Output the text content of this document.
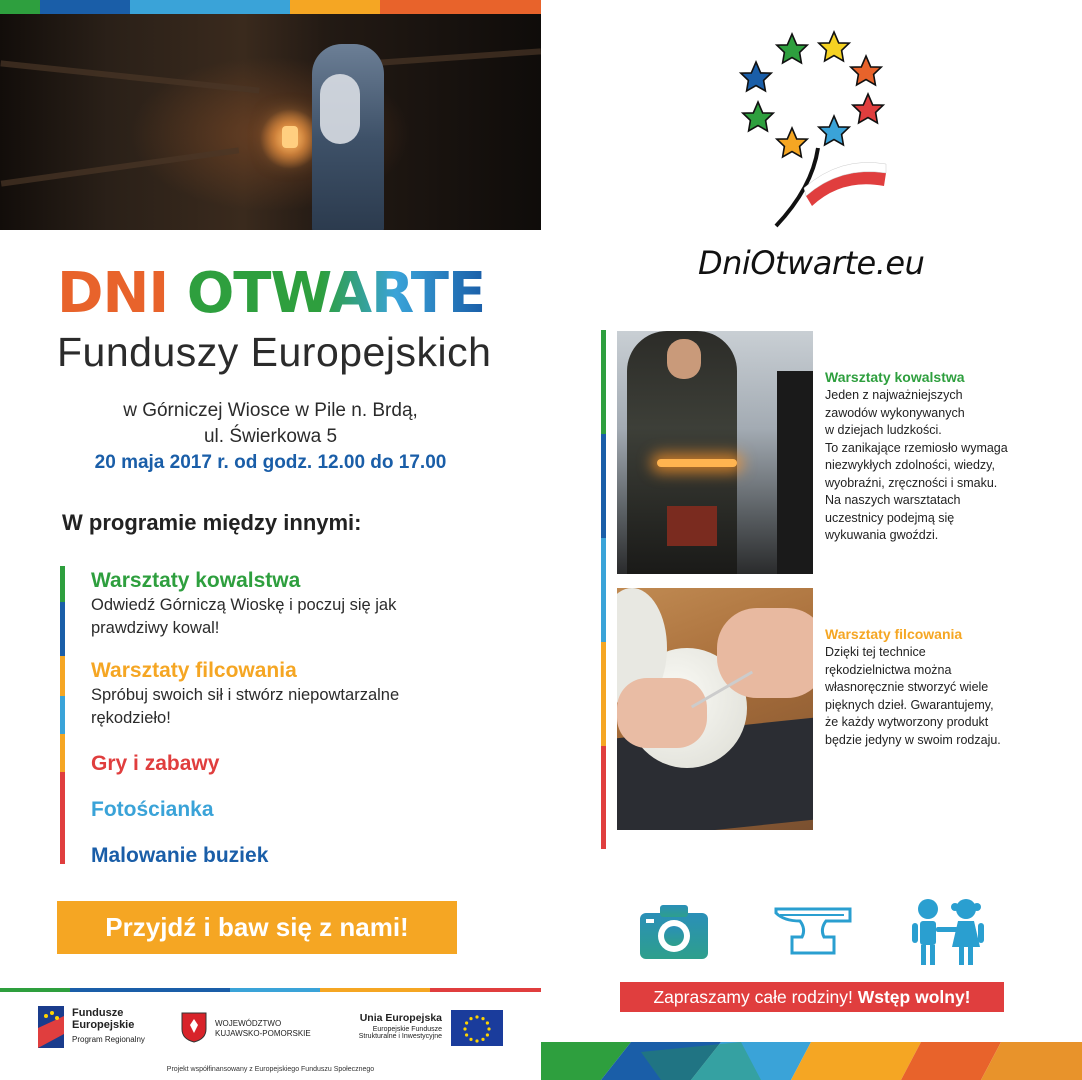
DNI OTWARTE
Funduszy Europejskich
w Górniczej Wiosce w Pile n. Brdą,
ul. Świerkowa 5
20 maja 2017 r. od godz. 12.00 do 17.00
W programie między innymi:
Warsztaty kowalstwa
Odwiedź Górniczą Wioskę i poczuj się jak prawdziwy kowal!
Warsztaty filcowania
Spróbuj swoich sił i stwórz niepowtarzalne rękodzieło!
Gry i zabawy
Fotościanka
Malowanie buziek
Przyjdź i baw się z nami!
Fundusze
Europejskie
Program Regionalny
WOJEWÓDZTWO
KUJAWSKO-POMORSKIE
Unia Europejska
Europejskie Fundusze
Strukturalne i Inwestycyjne
Projekt współfinansowany z Europejskiego Funduszu Społecznego
DniOtwarte.eu
Warsztaty kowalstwa
Jeden z najważniejszych
zawodów wykonywanych
w dziejach ludzkości.
To zanikające rzemiosło wymaga
niezwykłych zdolności, wiedzy,
wyobraźni, zręczności i smaku.
Na naszych warsztatach
uczestnicy podejmą się
wykuwania gwoździ.
Warsztaty filcowania
Dzięki tej technice
rękodzielnictwa można
własnoręcznie stworzyć wiele
pięknych dzieł. Gwarantujemy,
że każdy wytworzony produkt
będzie jedyny w swoim rodzaju.
Zapraszamy całe rodziny! Wstęp wolny!
